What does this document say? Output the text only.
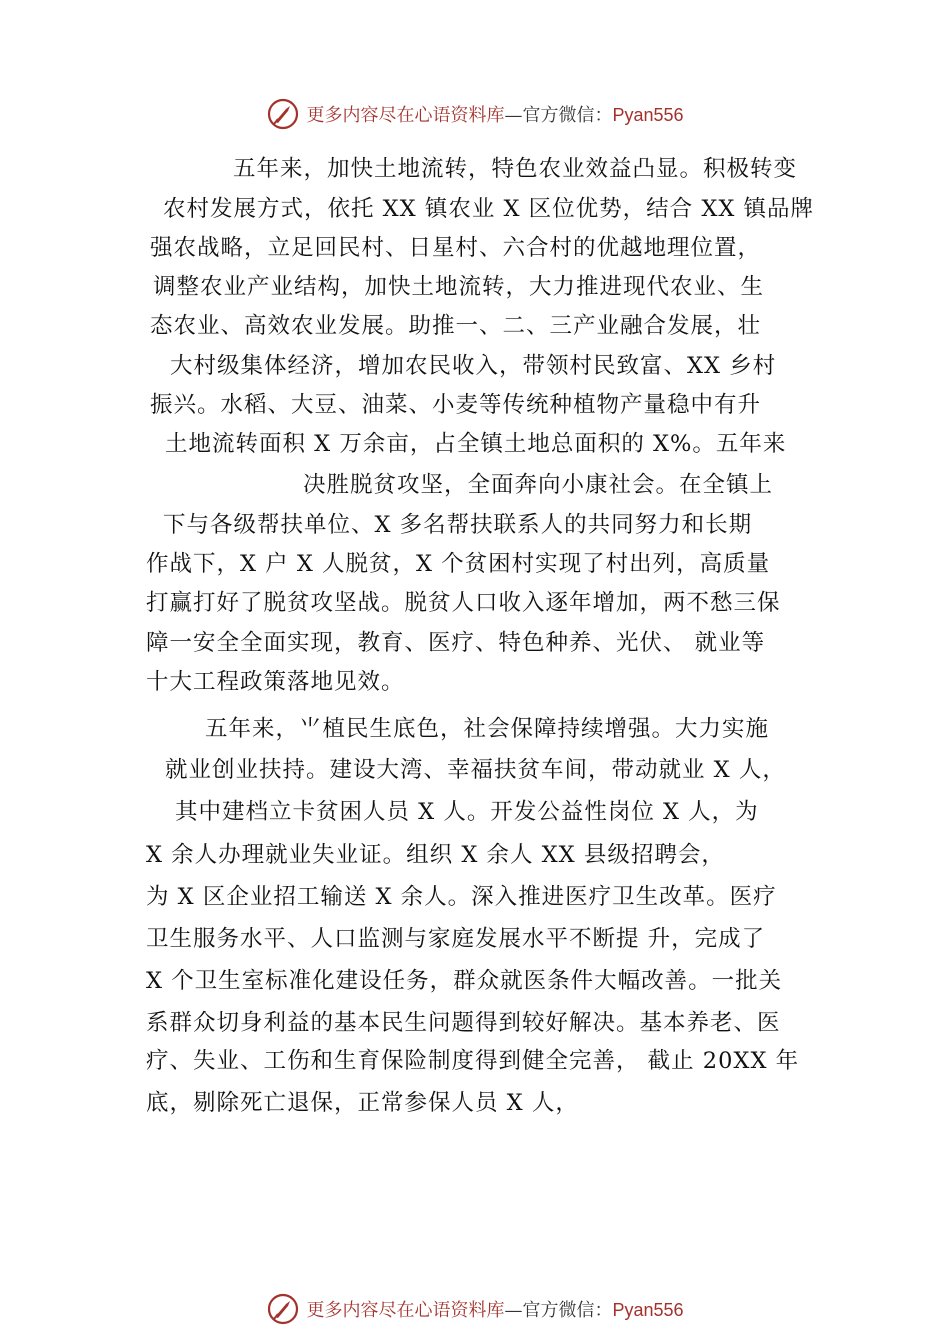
更多内容尽在心语资料库—官方微信：Pyan556
五年来，加快土地流转，特色农业效益凸显。积极转变
农村发展方式，依托 XX 镇农业 X 区位优势，结合 XX 镇品牌
强农战略，立足回民村、日星村、六合村的优越地理位置，
调整农业产业结构，加快土地流转，大力推进现代农业、生
态农业、高效农业发展。助推一、二、三产业融合发展，壮
大村级集体经济，增加农民收入，带领村民致富、XX 乡村
振兴。水稻、大豆、油菜、小麦等传统种植物产量稳中有升
土地流转面积 X 万余亩，占全镇土地总面积的 X%。五年来
决胜脱贫攻坚，全面奔向小康社会。在全镇上
下与各级帮扶单位、X 多名帮扶联系人的共同努力和长期
作战下，X 户 X 人脱贫，X 个贫困村实现了村出列，高质量
打赢打好了脱贫攻坚战。脱贫人口收入逐年增加，两不愁三保
障一安全全面实现，教育、医疗、特色种养、光伏、 就业等
十大工程政策落地见效。
五年来，⺌植民生底色，社会保障持续增强。大力实施
就业创业扶持。建设大湾、幸福扶贫车间，带动就业 X 人，
其中建档立卡贫困人员 X 人。开发公益性岗位 X 人，为
X 余人办理就业失业证。组织 X 余人 XX 县级招聘会，
为 X 区企业招工输送 X 余人。深入推进医疗卫生改革。医疗
卫生服务水平、人口监测与家庭发展水平不断提 升，完成了
X 个卫生室标准化建设任务，群众就医条件大幅改善。一批关
系群众切身利益的基本民生问题得到较好解决。基本养老、医
疗、失业、工伤和生育保险制度得到健全完善， 截止 20XX 年
底，剔除死亡退保，正常参保人员 X 人，
更多内容尽在心语资料库—官方微信：Pyan556
